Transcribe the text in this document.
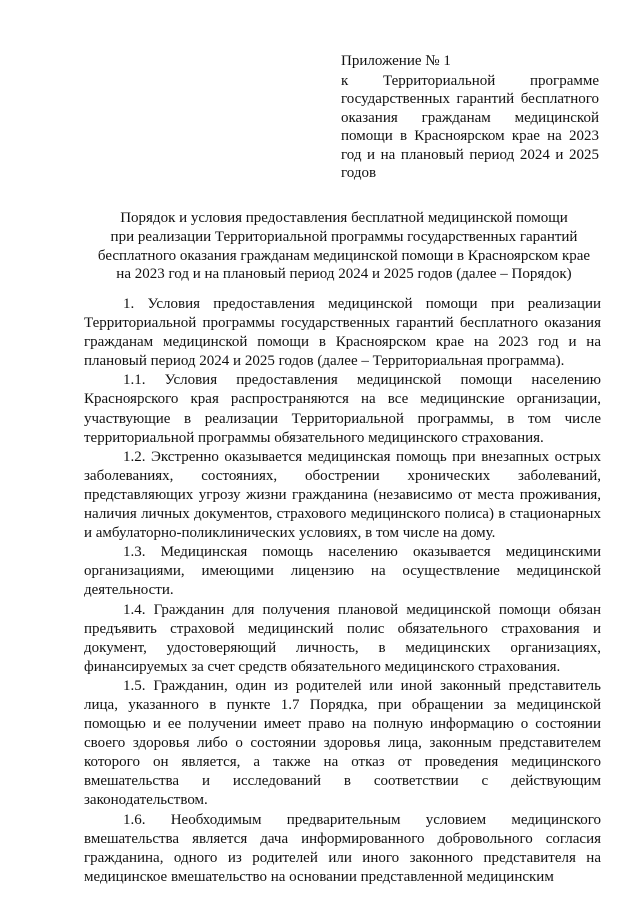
Приложение № 1
к Территориальной программе государственных гарантий бесплатного оказания гражданам медицинской помощи в Красноярском крае на 2023 год и на плановый период 2024 и 2025 годов
Порядок и условия предоставления бесплатной медицинской помощи
при реализации Территориальной программы государственных гарантий
бесплатного оказания гражданам медицинской помощи в Красноярском крае
на 2023 год и на плановый период 2024 и 2025 годов (далее – Порядок)

1. Условия предоставления медицинской помощи при реализации Территориальной программы государственных гарантий бесплатного оказания гражданам медицинской помощи в Красноярском крае на 2023 год и на плановый период 2024 и 2025 годов (далее – Территориальная программа).

1.1. Условия предоставления медицинской помощи населению Красноярского края распространяются на все медицинские организации, участвующие в реализации Территориальной программы, в том числе территориальной программы обязательного медицинского страхования.

1.2. Экстренно оказывается медицинская помощь при внезапных острых заболеваниях, состояниях, обострении хронических заболеваний, представляющих угрозу жизни гражданина (независимо от места проживания, наличия личных документов, страхового медицинского полиса) в стационарных и амбулаторно-поликлинических условиях, в том числе на дому.

1.3. Медицинская помощь населению оказывается медицинскими организациями, имеющими лицензию на осуществление медицинской деятельности.

1.4. Гражданин для получения плановой медицинской помощи обязан предъявить страховой медицинский полис обязательного страхования и документ, удостоверяющий личность, в медицинских организациях, финансируемых за счет средств обязательного медицинского страхования.

1.5. Гражданин, один из родителей или иной законный представитель лица, указанного в пункте 1.7 Порядка, при обращении за медицинской помощью и ее получении имеет право на полную информацию о состоянии своего здоровья либо о состоянии здоровья лица, законным представителем которого он является, а также на отказ от проведения медицинского вмешательства и исследований в соответствии с действующим законодательством.

1.6. Необходимым предварительным условием медицинского вмешательства является дача информированного добровольного согласия гражданина, одного из родителей или иного законного представителя на медицинское вмешательство на основании представленной медицинским
